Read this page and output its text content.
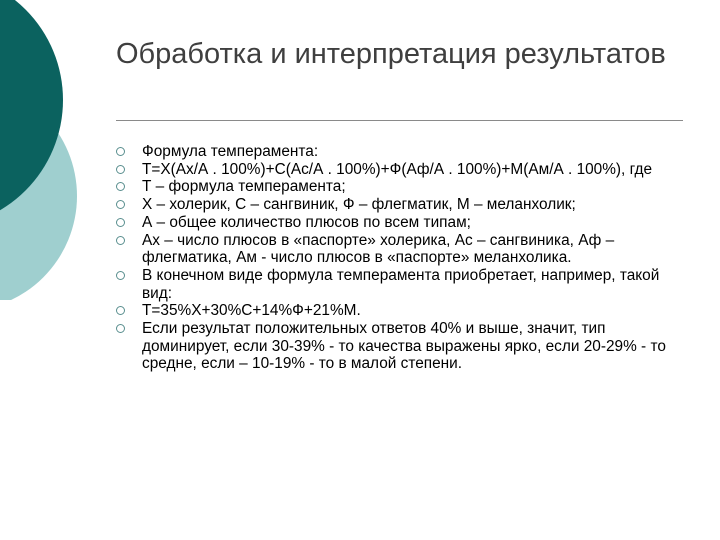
Обработка и интерпретация результатов
Формула темперамента:
Т=Х(Ах/А . 100%)+С(Ас/А . 100%)+Ф(Аф/А . 100%)+М(Ам/А . 100%), где
Т – формула темперамента;
Х – холерик, С – сангвиник, Ф – флегматик, М – меланхолик;
А – общее количество плюсов по всем типам;
Ах – число плюсов в «паспорте» холерика, Ас – сангвиника, Аф – флегматика, Ам - число плюсов в «паспорте» меланхолика.
В конечном виде формула темперамента приобретает, например, такой вид:
Т=35%Х+30%С+14%Ф+21%М.
Если результат положительных ответов 40% и выше, значит, тип доминирует, если 30-39% - то качества выражены ярко, если 20-29% - то средне, если – 10-19% - то в малой степени.
